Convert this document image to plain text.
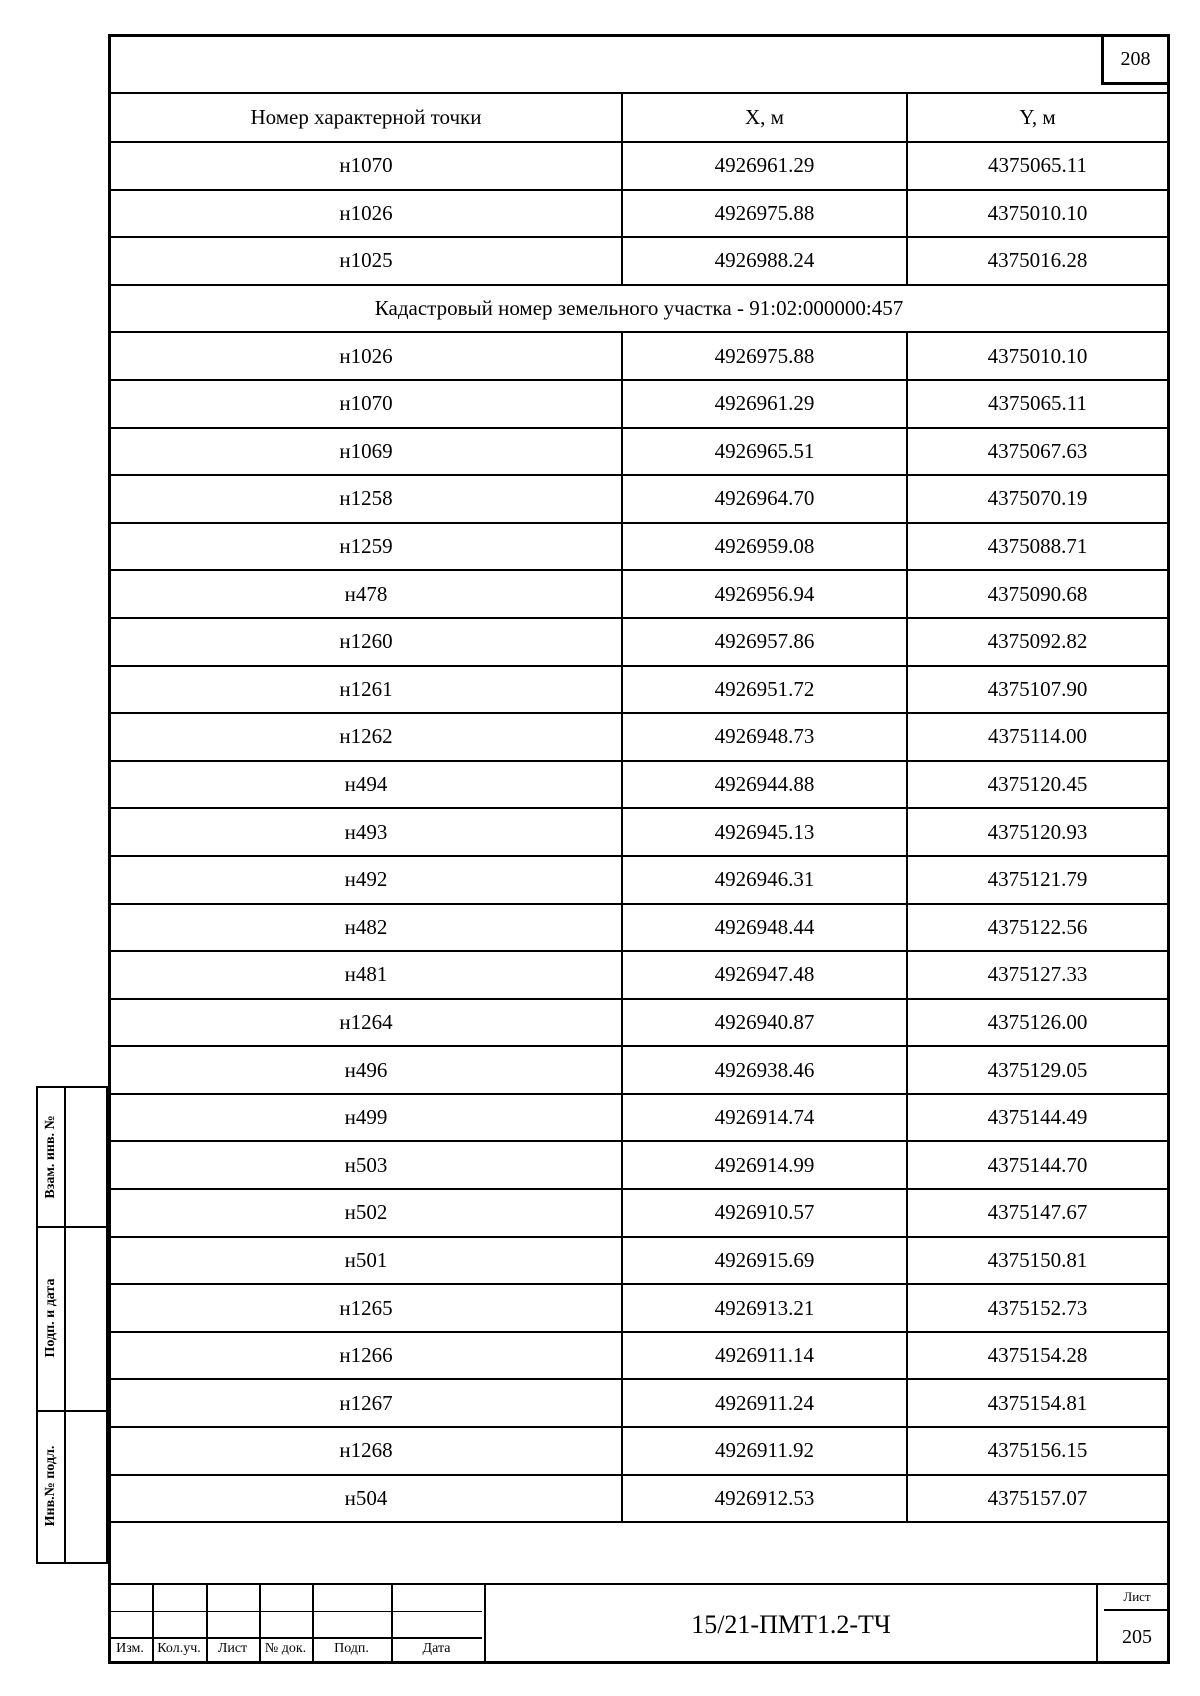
208
Номер характерной точки	X, м	Y, м
н1070	4926961.29	4375065.11
н1026	4926975.88	4375010.10
н1025	4926988.24	4375016.28
Кадастровый номер земельного участка - 91:02:000000:457		
н1026	4926975.88	4375010.10
н1070	4926961.29	4375065.11
н1069	4926965.51	4375067.63
н1258	4926964.70	4375070.19
н1259	4926959.08	4375088.71
н478	4926956.94	4375090.68
н1260	4926957.86	4375092.82
н1261	4926951.72	4375107.90
н1262	4926948.73	4375114.00
н494	4926944.88	4375120.45
н493	4926945.13	4375120.93
н492	4926946.31	4375121.79
н482	4926948.44	4375122.56
н481	4926947.48	4375127.33
н1264	4926940.87	4375126.00
н496	4926938.46	4375129.05
н499	4926914.74	4375144.49
н503	4926914.99	4375144.70
н502	4926910.57	4375147.67
н501	4926915.69	4375150.81
н1265	4926913.21	4375152.73
н1266	4926911.14	4375154.28
н1267	4926911.24	4375154.81
н1268	4926911.92	4375156.15
н504	4926912.53	4375157.07
Взам. инв. №
Подп. и дата
Инв.№ подл.
Изм. Кол.уч.	Лист	№ док.	Подп.	Дата
15/21-ПМТ1.2-ТЧ
Лист
205
